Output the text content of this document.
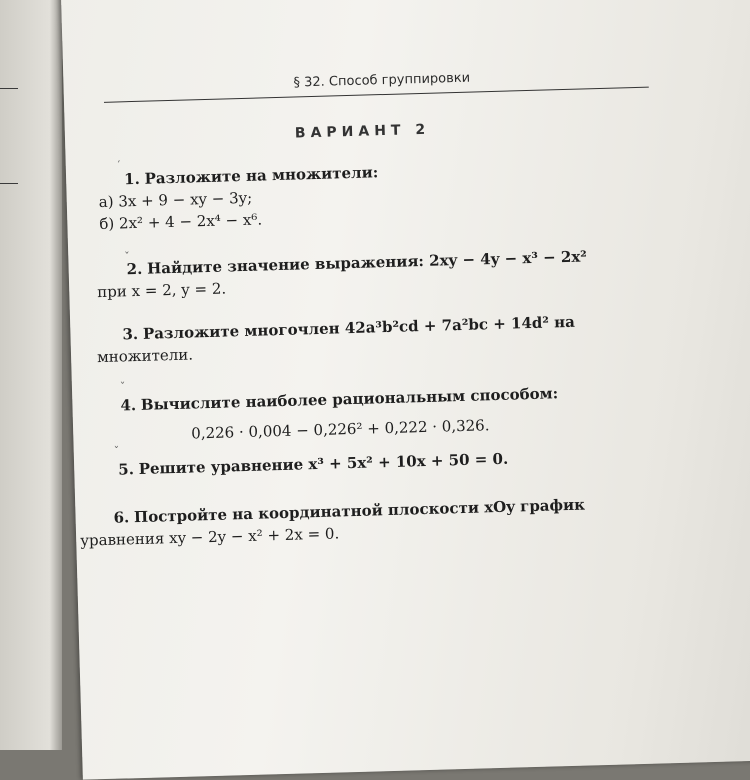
§ 32. Способ группировки
ВАРИАНТ 2
′
1. Разложите на множители:
а) 3x + 9 − xy − 3y;
б) 2x² + 4 − 2x⁴ − x⁶.
ˇ
2. Найдите значение выражения: 2xy − 4y − x³ − 2x²
при x = 2, y = 2.
3. Разложите многочлен 42a³b²cd + 7a²bc + 14d² на
множители.
ˇ
4. Вычислите наиболее рациональным способом:
0,226 · 0,004 − 0,226² + 0,222 · 0,326.
ˇ
5. Решите уравнение x³ + 5x² + 10x + 50 = 0.
6. Постройте на координатной плоскости xOy график
уравнения xy − 2y − x² + 2x = 0.
